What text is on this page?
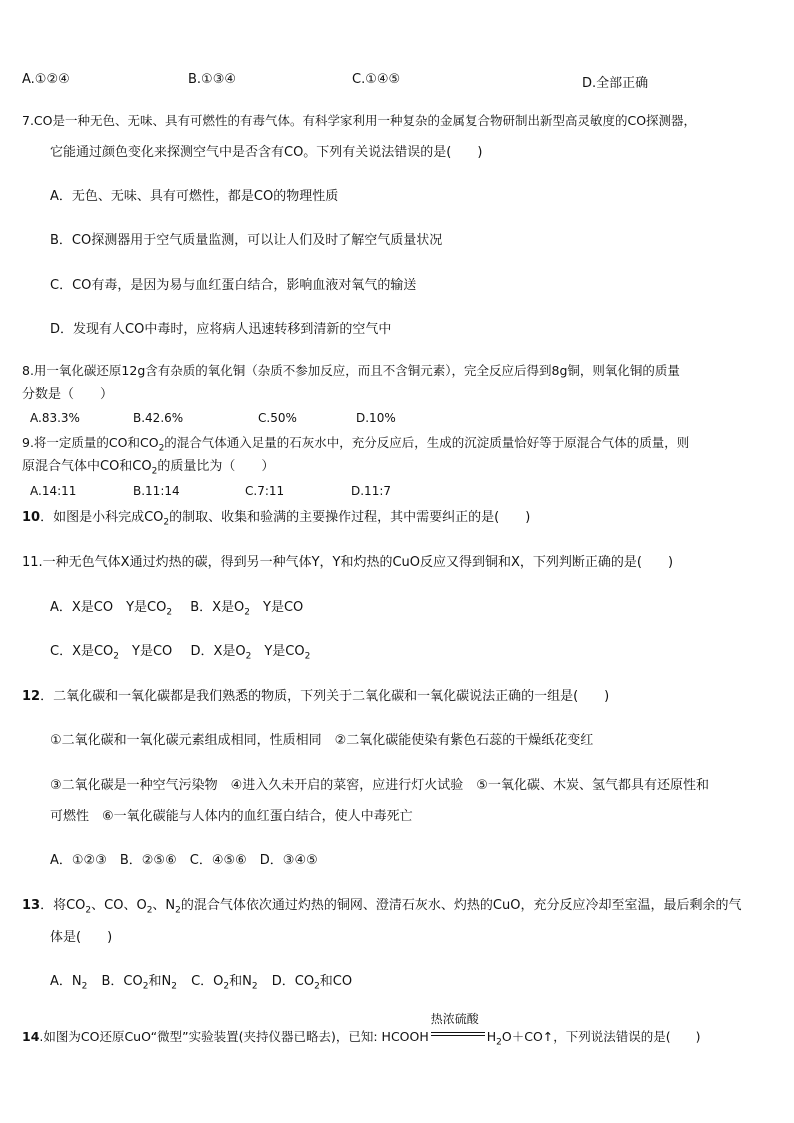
A.①②④	B.①③④	C.①④⑤	D.全部正确
7.CO是一种无色、无味、具有可燃性的有毒气体。有科学家利用一种复杂的金属复合物研制出新型高灵敏度的CO探测器，
它能通过颜色变化来探测空气中是否含有CO。下列有关说法错误的是(　　)
A．无色、无味、具有可燃性，都是CO的物理性质
B．CO探测器用于空气质量监测，可以让人们及时了解空气质量状况
C．CO有毒，是因为易与血红蛋白结合，影响血液对氧气的输送
D．发现有人CO中毒时，应将病人迅速转移到清新的空气中
8.用一氧化碳还原12g含有杂质的氧化铜（杂质不参加反应，而且不含铜元素），完全反应后得到8g铜，则氧化铜的质量
分数是（　　）
A.83.3%	B.42.6%	C.50%	D.10%
9.将一定质量的CO和$CO_2$的混合气体通入足量的石灰水中，充分反应后，生成的沉淀质量恰好等于原混合气体的质量，则
原混合气体中CO和$CO_2$的质量比为（　　）
A.14:11	B.11:14	C.7:11	D.11:7
10．如图是小科完成$CO_2$的制取、收集和验满的主要操作过程，其中需要纠正的是(　　)
11.一种无色气体X通过灼热的碳，得到另一种气体Y，Y和灼热的CuO反应又得到铜和X，下列判断正确的是(　　)
A．X是CO　Y是$CO_2$ B．X是$O_2$　Y是CO
C．X是$CO_2$　Y是CO D．X是$O_2$　Y是$CO_2$
12．二氧化碳和一氧化碳都是我们熟悉的物质，下列关于二氧化碳和一氧化碳说法正确的一组是(　　)
①二氧化碳和一氧化碳元素组成相同，性质相同　②二氧化碳能使染有紫色石蕊的干燥纸花变红
③二氧化碳是一种空气污染物　④进入久未开启的菜窖，应进行灯火试验　⑤一氧化碳、木炭、氢气都具有还原性和
可燃性　⑥一氧化碳能与人体内的血红蛋白结合，使人中毒死亡
A．①②③　B．②⑤⑥　C．④⑤⑥　D．③④⑤
13．将$CO_2$、CO、$O_2$、$N_2$的混合气体依次通过灼热的铜网、澄清石灰水、灼热的CuO，充分反应冷却至室温，最后剩余的气
体是(　　)
A．$N_2$ B．$CO_2$和$N_2$ C．$O_2$和$N_2$ D．$CO_2$和CO
14.如图为CO还原CuO“微型”实验装置(夹持仪器已略去)，已知: HCOOH
热浓硫酸
$H_2O+CO↑$，下列说法错误的是(　　)
